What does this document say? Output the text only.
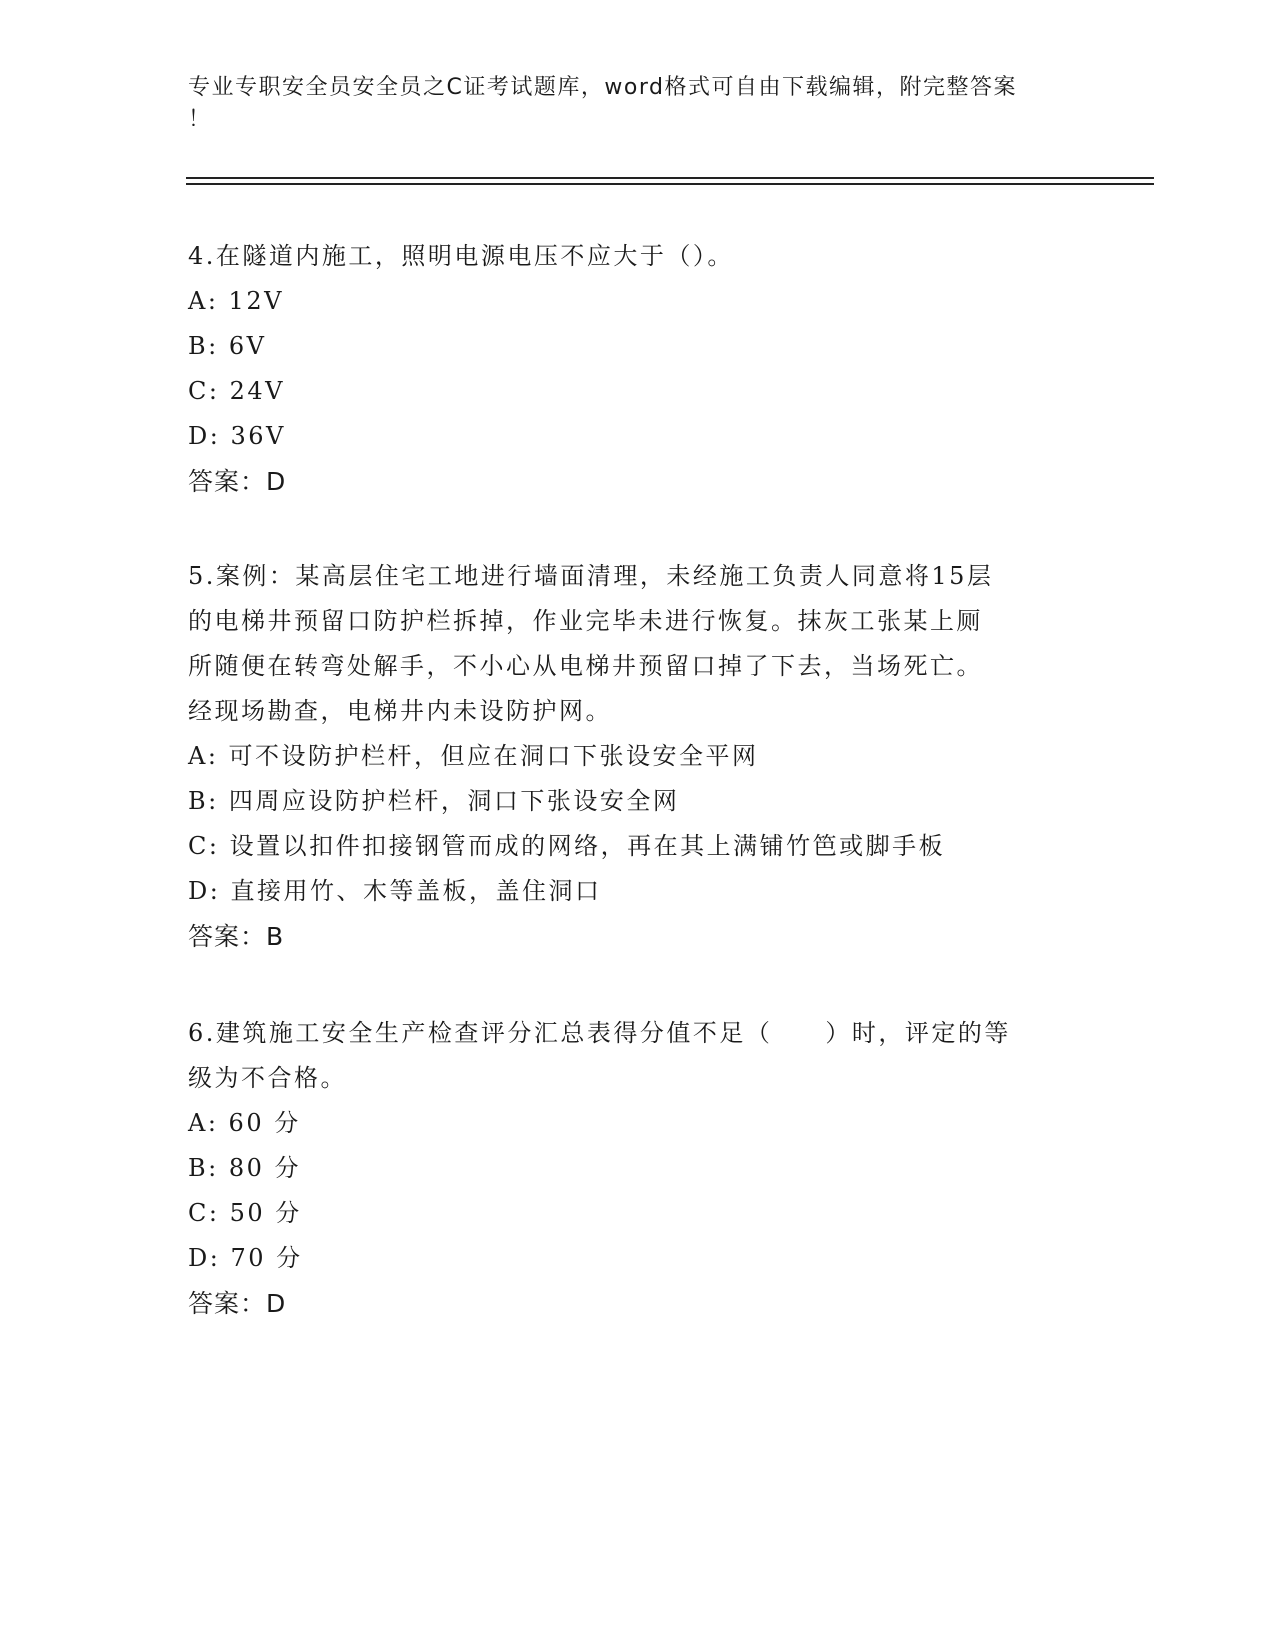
专业专职安全员安全员之C证考试题库，word格式可自由下载编辑，附完整答案
！

4.在隧道内施工，照明电源电压不应大于（）。

A: 12V

B: 6V

C: 24V

D: 36V

答案：D

5.案例：某高层住宅工地进行墙面清理，未经施工负责人同意将15层

的电梯井预留口防护栏拆掉，作业完毕未进行恢复。抹灰工张某上厕

所随便在转弯处解手，不小心从电梯井预留口掉了下去，当场死亡。

经现场勘查，电梯井内未设防护网。

A: 可不设防护栏杆，但应在洞口下张设安全平网

B: 四周应设防护栏杆，洞口下张设安全网

C: 设置以扣件扣接钢管而成的网络，再在其上满铺竹笆或脚手板

D: 直接用竹、木等盖板，盖住洞口

答案：B

6.建筑施工安全生产检查评分汇总表得分值不足（　　）时，评定的等

级为不合格。

A: 60 分

B: 80 分

C: 50 分

D: 70 分

答案：D
